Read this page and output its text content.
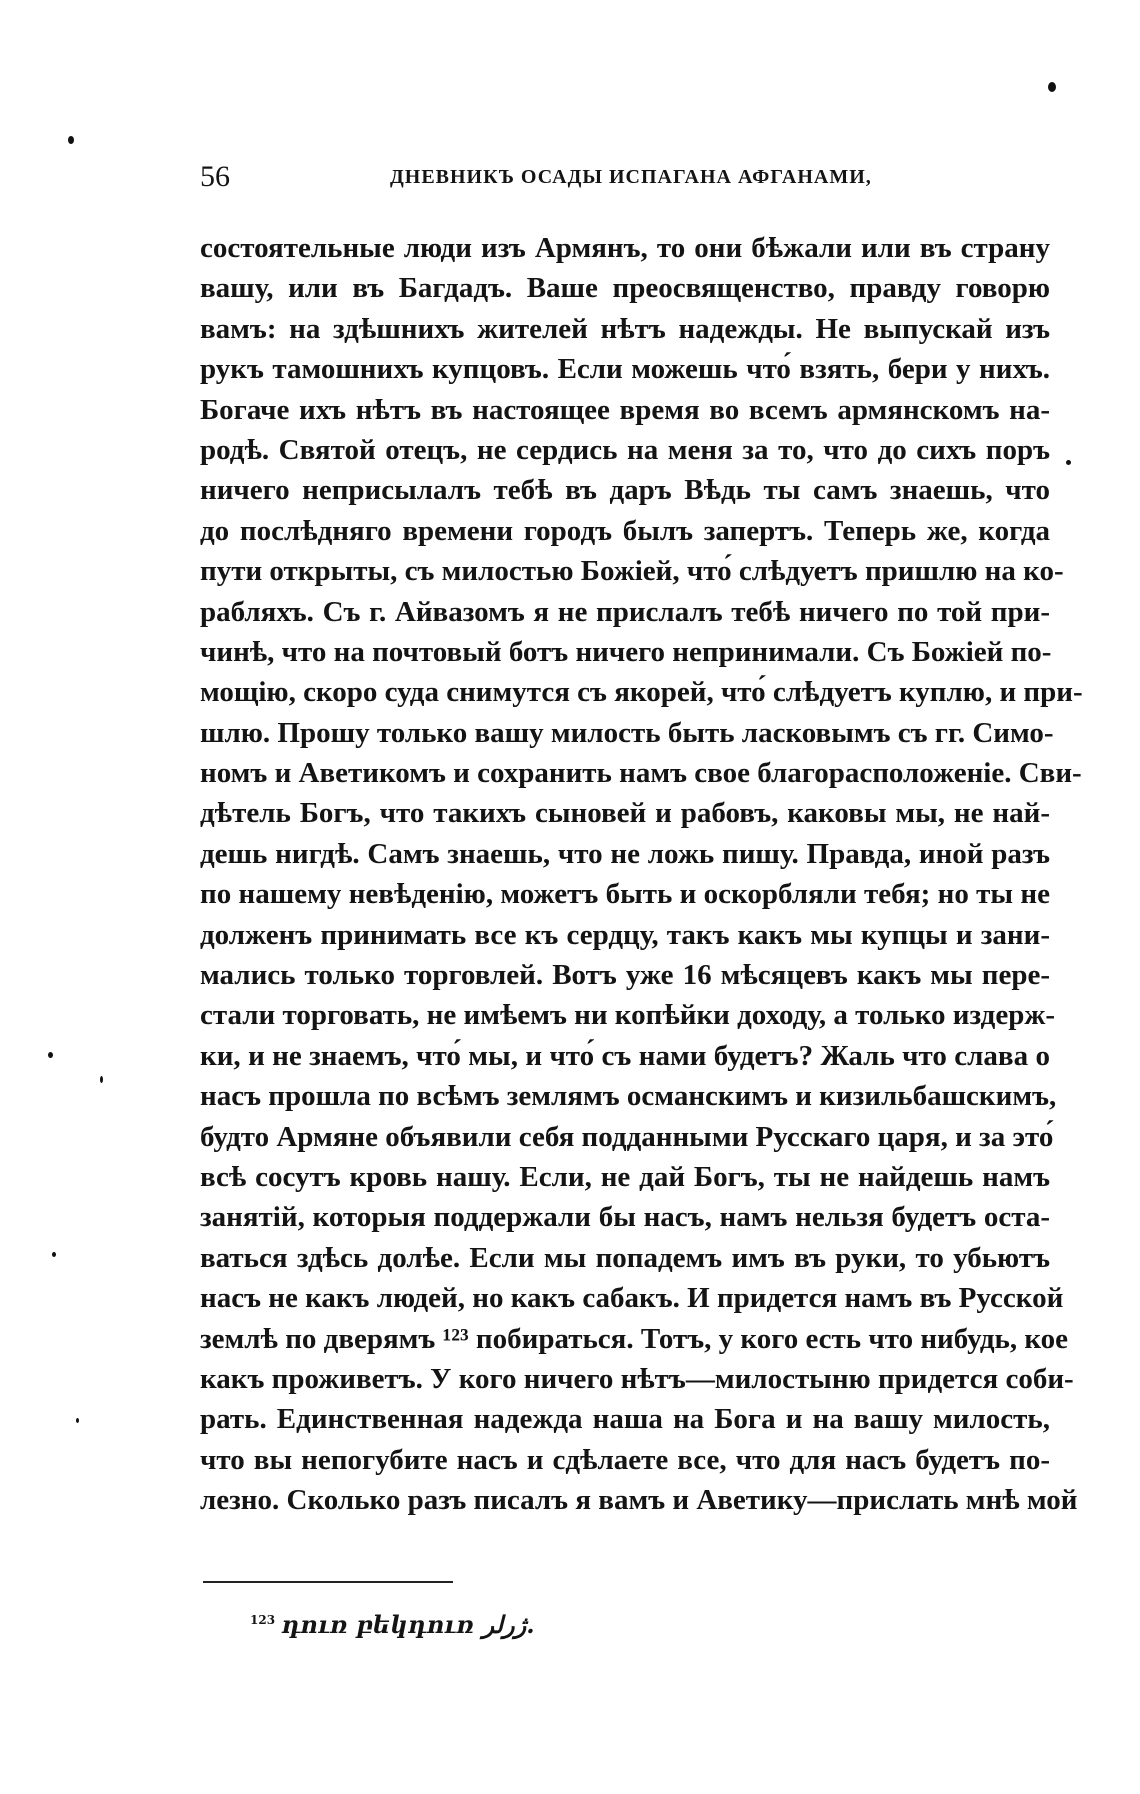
56	ДНЕВНИКЪ ОСАДЫ ИСПАГАНА АФГАНАМИ,
состоятельные люди изъ Армянъ, то они бѣжали или въ страну
вашу, или въ Багдадъ. Ваше преосвященство, правду говорю
вамъ: на здѣшнихъ жителей нѣтъ надежды. Не выпускай изъ
рукъ тамошнихъ купцовъ. Если можешь что́ взять, бери у нихъ.
Богаче ихъ нѣтъ въ настоящее время во всемъ армянскомъ на-
родѣ. Святой отецъ, не сердись на меня за то, что до сихъ поръ
ничего неприсылалъ тебѣ въ даръ Вѣдь ты самъ знаешь, что
до послѣдняго времени городъ былъ запертъ. Теперь же, когда
пути открыты, съ милостью Божіей, что́ слѣдуетъ пришлю на ко-
рабляхъ. Съ г. Айвазомъ я не прислалъ тебѣ ничего по той при-
чинѣ, что на почтовый ботъ ничего непринимали. Съ Божіей по-
мощію, скоро суда снимутся съ якорей, что́ слѣдуетъ куплю, и при-
шлю. Прошу только вашу милость быть ласковымъ съ гг. Симо-
номъ и Аветикомъ и сохранить намъ свое благорасположеніе. Сви-
дѣтель Богъ, что такихъ сыновей и рабовъ, каковы мы, не най-
дешь нигдѣ. Самъ знаешь, что не ложь пишу. Правда, иной разъ
по нашему невѣденію, можетъ быть и оскорбляли тебя; но ты не
долженъ принимать все къ сердцу, такъ какъ мы купцы и зани-
мались только торговлей. Вотъ уже 16 мѣсяцевъ какъ мы пере-
стали торговать, не имѣемъ ни копѣйки доходу, а только издерж-
ки, и не знаемъ, что́ мы, и что́ съ нами будетъ? Жаль что слава о
насъ прошла по всѣмъ землямъ османскимъ и кизильбашскимъ,
будто Армяне объявили себя подданными Русскаго царя, и за это́
всѣ сосутъ кровь нашу. Если, не дай Богъ, ты не найдешь намъ
занятій, которыя поддержали бы насъ, намъ нельзя будетъ оста-
ваться здѣсь долѣе. Если мы попадемъ имъ въ руки, то убьютъ
насъ не какъ людей, но какъ сабакъ. И придется намъ въ Русской
землѣ по дверямъ ¹²³ побираться. Тотъ, у кого есть что нибудь, кое
какъ проживетъ. У кого ничего нѣтъ—милостыню придется соби-
рать. Единственная надежда наша на Бога и на вашу милость,
что вы непогубите насъ и сдѣлаете все, что для насъ будетъ по-
лезно. Сколько разъ писалъ я вамъ и Аветику—прислать мнѣ мой
$^{123}$ դուռ բեկդուռ ژرلر.
